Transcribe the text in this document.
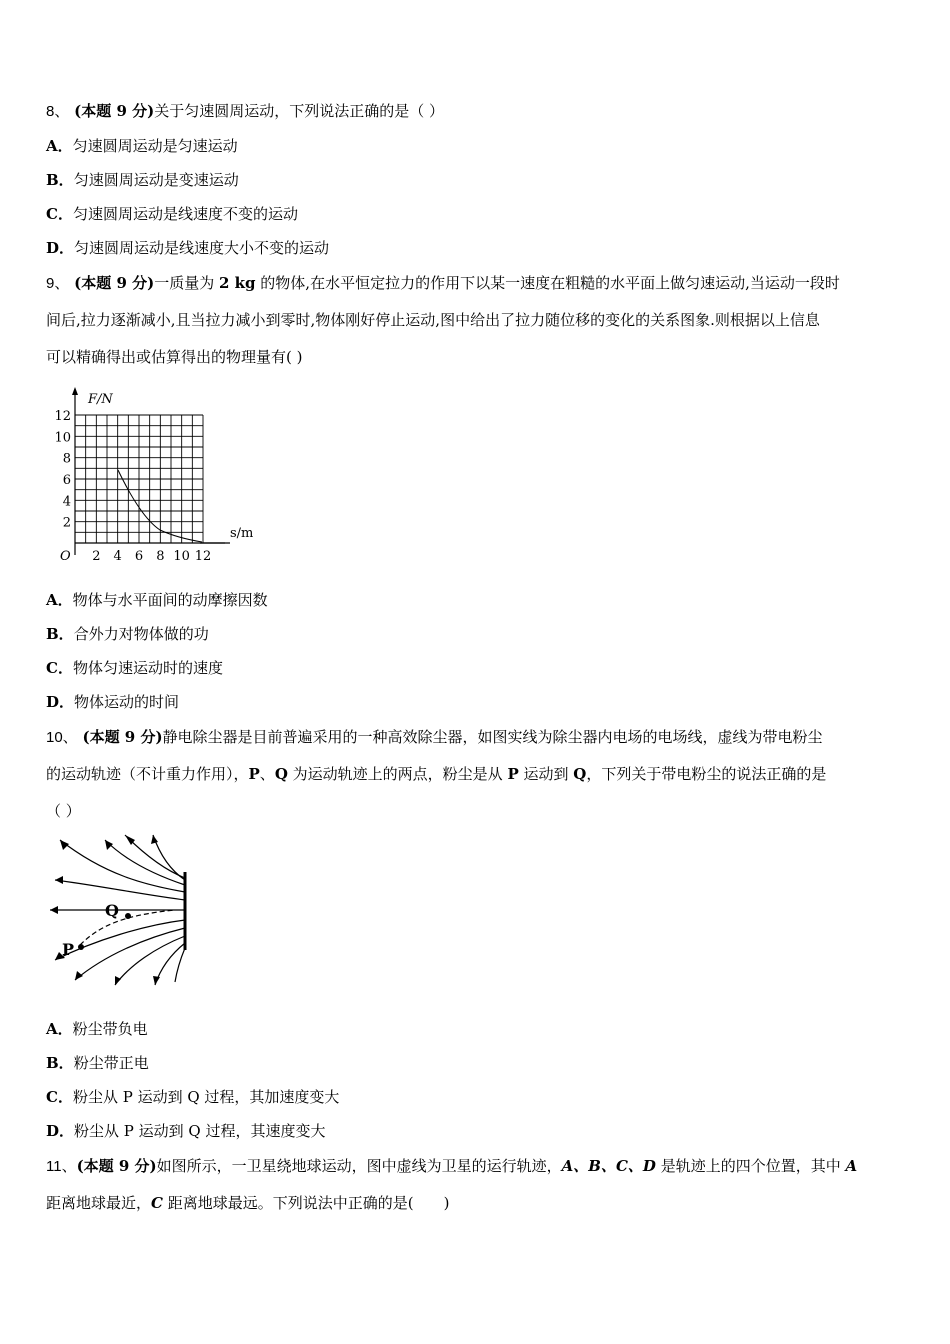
8、 (本题 9 分)关于匀速圆周运动，下列说法正确的是（ ）
A．匀速圆周运动是匀速运动
B．匀速圆周运动是变速运动
C．匀速圆周运动是线速度不变的运动
D．匀速圆周运动是线速度大小不变的运动
9、 (本题 9 分)一质量为 2 kg 的物体,在水平恒定拉力的作用下以某一速度在粗糙的水平面上做匀速运动,当运动一段时
间后,拉力逐渐减小,且当拉力减小到零时,物体刚好停止运动,图中给出了拉力随位移的变化的关系图象.则根据以上信息
可以精确得出或估算得出的物理量有( )
F/N
s/m
O
12
10
8
6
4
2
2 4 6 8 10 12
A．物体与水平面间的动摩擦因数
B．合外力对物体做的功
C．物体匀速运动时的速度
D．物体运动的时间
10、 (本题 9 分)静电除尘器是目前普遍采用的一种高效除尘器，如图实线为除尘器内电场的电场线，虚线为带电粉尘
的运动轨迹（不计重力作用），P、Q 为运动轨迹上的两点，粉尘是从 P 运动到 Q，下列关于带电粉尘的说法正确的是
（ ）
P
Q
A．粉尘带负电
B．粉尘带正电
C．粉尘从 P 运动到 Q 过程，其加速度变大
D．粉尘从 P 运动到 Q 过程，其速度变大
11、(本题 9 分)如图所示，一卫星绕地球运动，图中虚线为卫星的运行轨迹，A、B、C、D 是轨迹上的四个位置，其中 A
距离地球最近，C 距离地球最远。下列说法中正确的是(　　)
